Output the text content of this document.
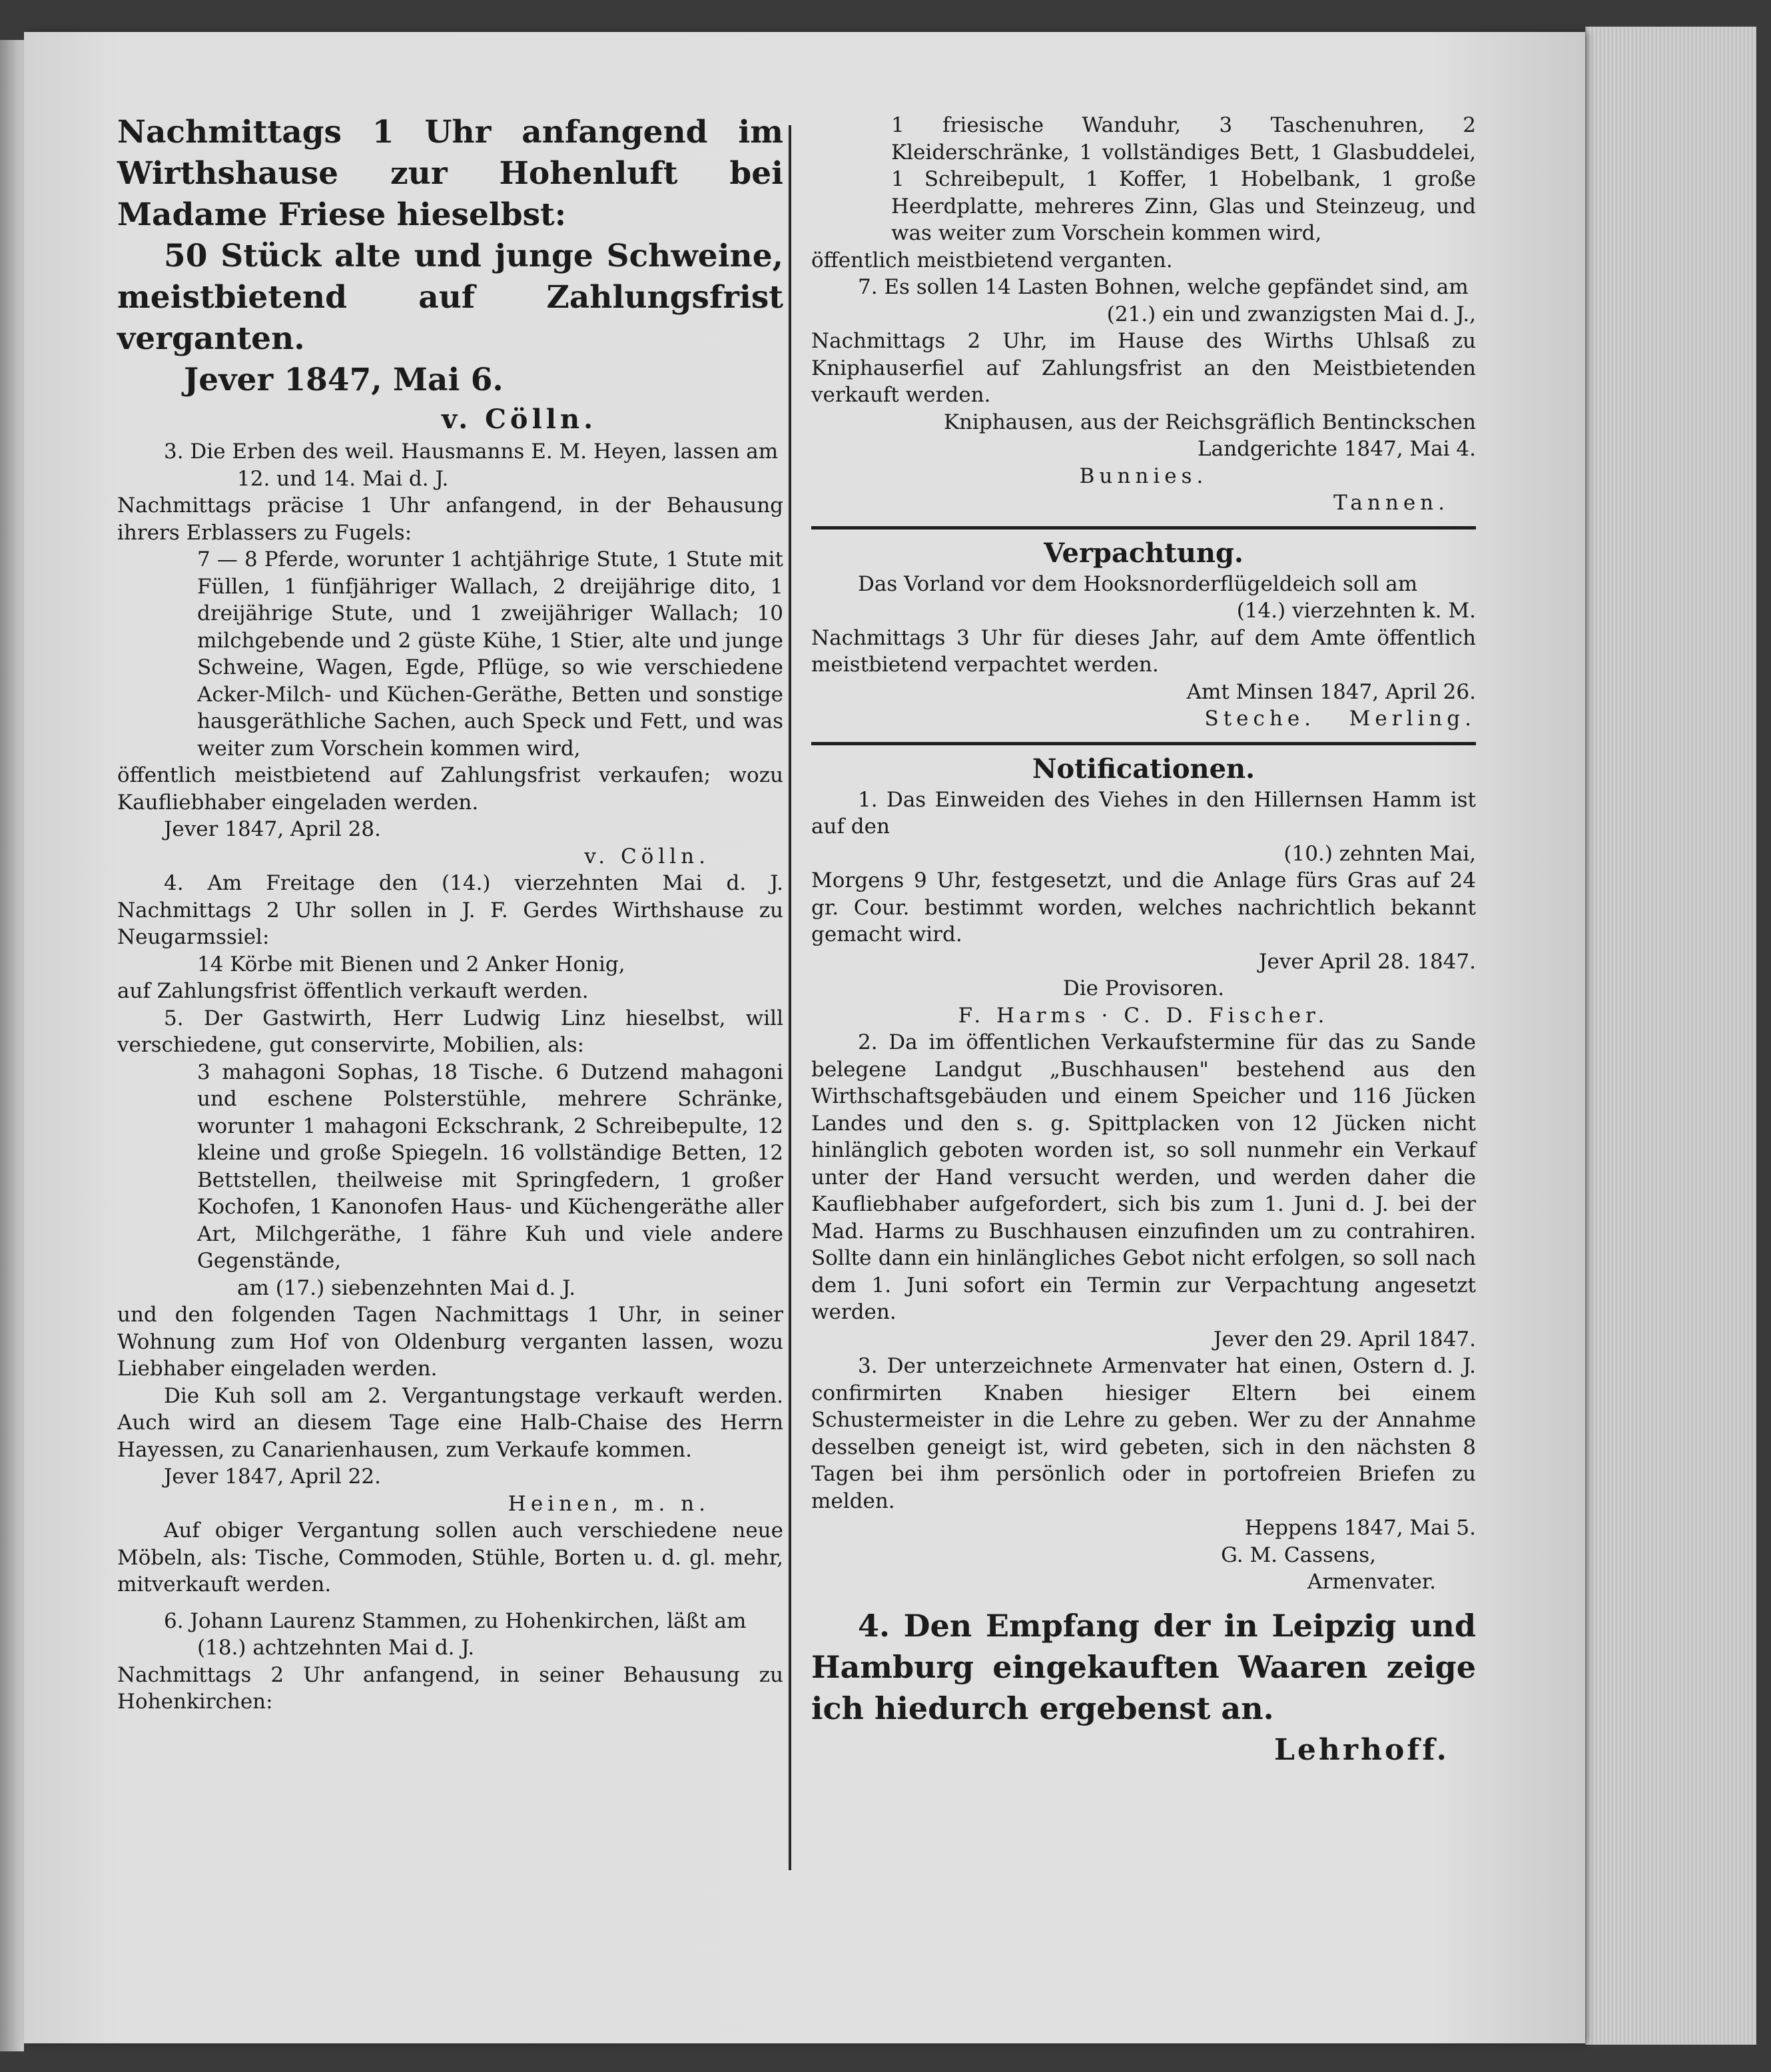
Nachmittags 1 Uhr anfangend im Wirthshause zur Hohenluft bei Madame Friese hieselbst:

50 Stück alte und junge Schweine, meistbietend auf Zahlungsfrist verganten.

Jever 1847, Mai 6.

v. Cölln.

3. Die Erben des weil. Hausmanns E. M. Heyen, lassen am

12. und 14. Mai d. J.

Nachmittags präcise 1 Uhr anfangend, in der Behausung ihrers Erblassers zu Fugels:

7 — 8 Pferde, worunter 1 achtjährige Stute, 1 Stute mit Füllen, 1 fünfjähriger Wallach, 2 dreijährige dito, 1 dreijährige Stute, und 1 zweijähriger Wallach; 10 milchgebende und 2 güste Kühe, 1 Stier, alte und junge Schweine, Wagen, Egde, Pflüge, so wie verschiedene Acker-Milch- und Küchen-Geräthe, Betten und sonstige hausgeräthliche Sachen, auch Speck und Fett, und was weiter zum Vorschein kommen wird,

öffentlich meistbietend auf Zahlungsfrist verkaufen; wozu Kaufliebhaber eingeladen werden.

Jever 1847, April 28.

v. Cölln.

4. Am Freitage den (14.) vierzehnten Mai d. J. Nachmittags 2 Uhr sollen in J. F. Gerdes Wirthshause zu Neugarmssiel:

14 Körbe mit Bienen und 2 Anker Honig,

auf Zahlungsfrist öffentlich verkauft werden.

5. Der Gastwirth, Herr Ludwig Linz hieselbst, will verschiedene, gut conservirte, Mobilien, als:

3 mahagoni Sophas, 18 Tische. 6 Dutzend mahagoni und eschene Polsterstühle, mehrere Schränke, worunter 1 mahagoni Eckschrank, 2 Schreibepulte, 12 kleine und große Spiegeln. 16 vollständige Betten, 12 Bettstellen, theilweise mit Springfedern, 1 großer Kochofen, 1 Kanonofen Haus- und Küchengeräthe aller Art, Milchgeräthe, 1 fähre Kuh und viele andere Gegenstände,

am (17.) siebenzehnten Mai d. J.

und den folgenden Tagen Nachmittags 1 Uhr, in seiner Wohnung zum Hof von Oldenburg verganten lassen, wozu Liebhaber eingeladen werden.

Die Kuh soll am 2. Vergantungstage verkauft werden. Auch wird an diesem Tage eine Halb-Chaise des Herrn Hayessen, zu Canarienhausen, zum Verkaufe kommen.

Jever 1847, April 22.

Heinen, m. n.

Auf obiger Vergantung sollen auch verschiedene neue Möbeln, als: Tische, Commoden, Stühle, Borten u. d. gl. mehr, mitverkauft werden.

6. Johann Laurenz Stammen, zu Hohenkirchen, läßt am

(18.) achtzehnten Mai d. J.

Nachmittags 2 Uhr anfangend, in seiner Behausung zu Hohenkirchen:

1 friesische Wanduhr, 3 Taschenuhren, 2 Kleiderschränke, 1 vollständiges Bett, 1 Glasbuddelei, 1 Schreibepult, 1 Koffer, 1 Hobelbank, 1 große Heerdplatte, mehreres Zinn, Glas und Steinzeug, und was weiter zum Vorschein kommen wird,

öffentlich meistbietend verganten.

7. Es sollen 14 Lasten Bohnen, welche gepfändet sind, am

(21.) ein und zwanzigsten Mai d. J.,

Nachmittags 2 Uhr, im Hause des Wirths Uhlsaß zu Kniphauserfiel auf Zahlungsfrist an den Meistbietenden verkauft werden.

Kniphausen, aus der Reichsgräflich Bentinckschen

Landgerichte 1847, Mai 4.

Bunnies.

Tannen.

Verpachtung.

Das Vorland vor dem Hooksnorderflügeldeich soll am

(14.) vierzehnten k. M.

Nachmittags 3 Uhr für dieses Jahr, auf dem Amte öffentlich meistbietend verpachtet werden.

Amt Minsen 1847, April 26.

Steche.   Merling.

Notificationen.

1. Das Einweiden des Viehes in den Hillernsen Hamm ist auf den

(10.) zehnten Mai,

Morgens 9 Uhr, festgesetzt, und die Anlage fürs Gras auf 24 gr. Cour. bestimmt worden, welches nachrichtlich bekannt gemacht wird.

Jever April 28. 1847.

Die Provisoren.

F. Harms · C. D. Fischer.

2. Da im öffentlichen Verkaufstermine für das zu Sande belegene Landgut „Buschhausen" bestehend aus den Wirthschaftsgebäuden und einem Speicher und 116 Jücken Landes und den s. g. Spittplacken von 12 Jücken nicht hinlänglich geboten worden ist, so soll nunmehr ein Verkauf unter der Hand versucht werden, und werden daher die Kaufliebhaber aufgefordert, sich bis zum 1. Juni d. J. bei der Mad. Harms zu Buschhausen einzufinden um zu contrahiren. Sollte dann ein hinlängliches Gebot nicht erfolgen, so soll nach dem 1. Juni sofort ein Termin zur Verpachtung angesetzt werden.

Jever den 29. April 1847.

3. Der unterzeichnete Armenvater hat einen, Ostern d. J. confirmirten Knaben hiesiger Eltern bei einem Schustermeister in die Lehre zu geben. Wer zu der Annahme desselben geneigt ist, wird gebeten, sich in den nächsten 8 Tagen bei ihm persönlich oder in portofreien Briefen zu melden.

Heppens 1847, Mai 5.

G. M. Cassens,

Armenvater.

4. Den Empfang der in Leipzig und Hamburg eingekauften Waaren zeige ich hiedurch ergebenst an.

Lehrhoff.
